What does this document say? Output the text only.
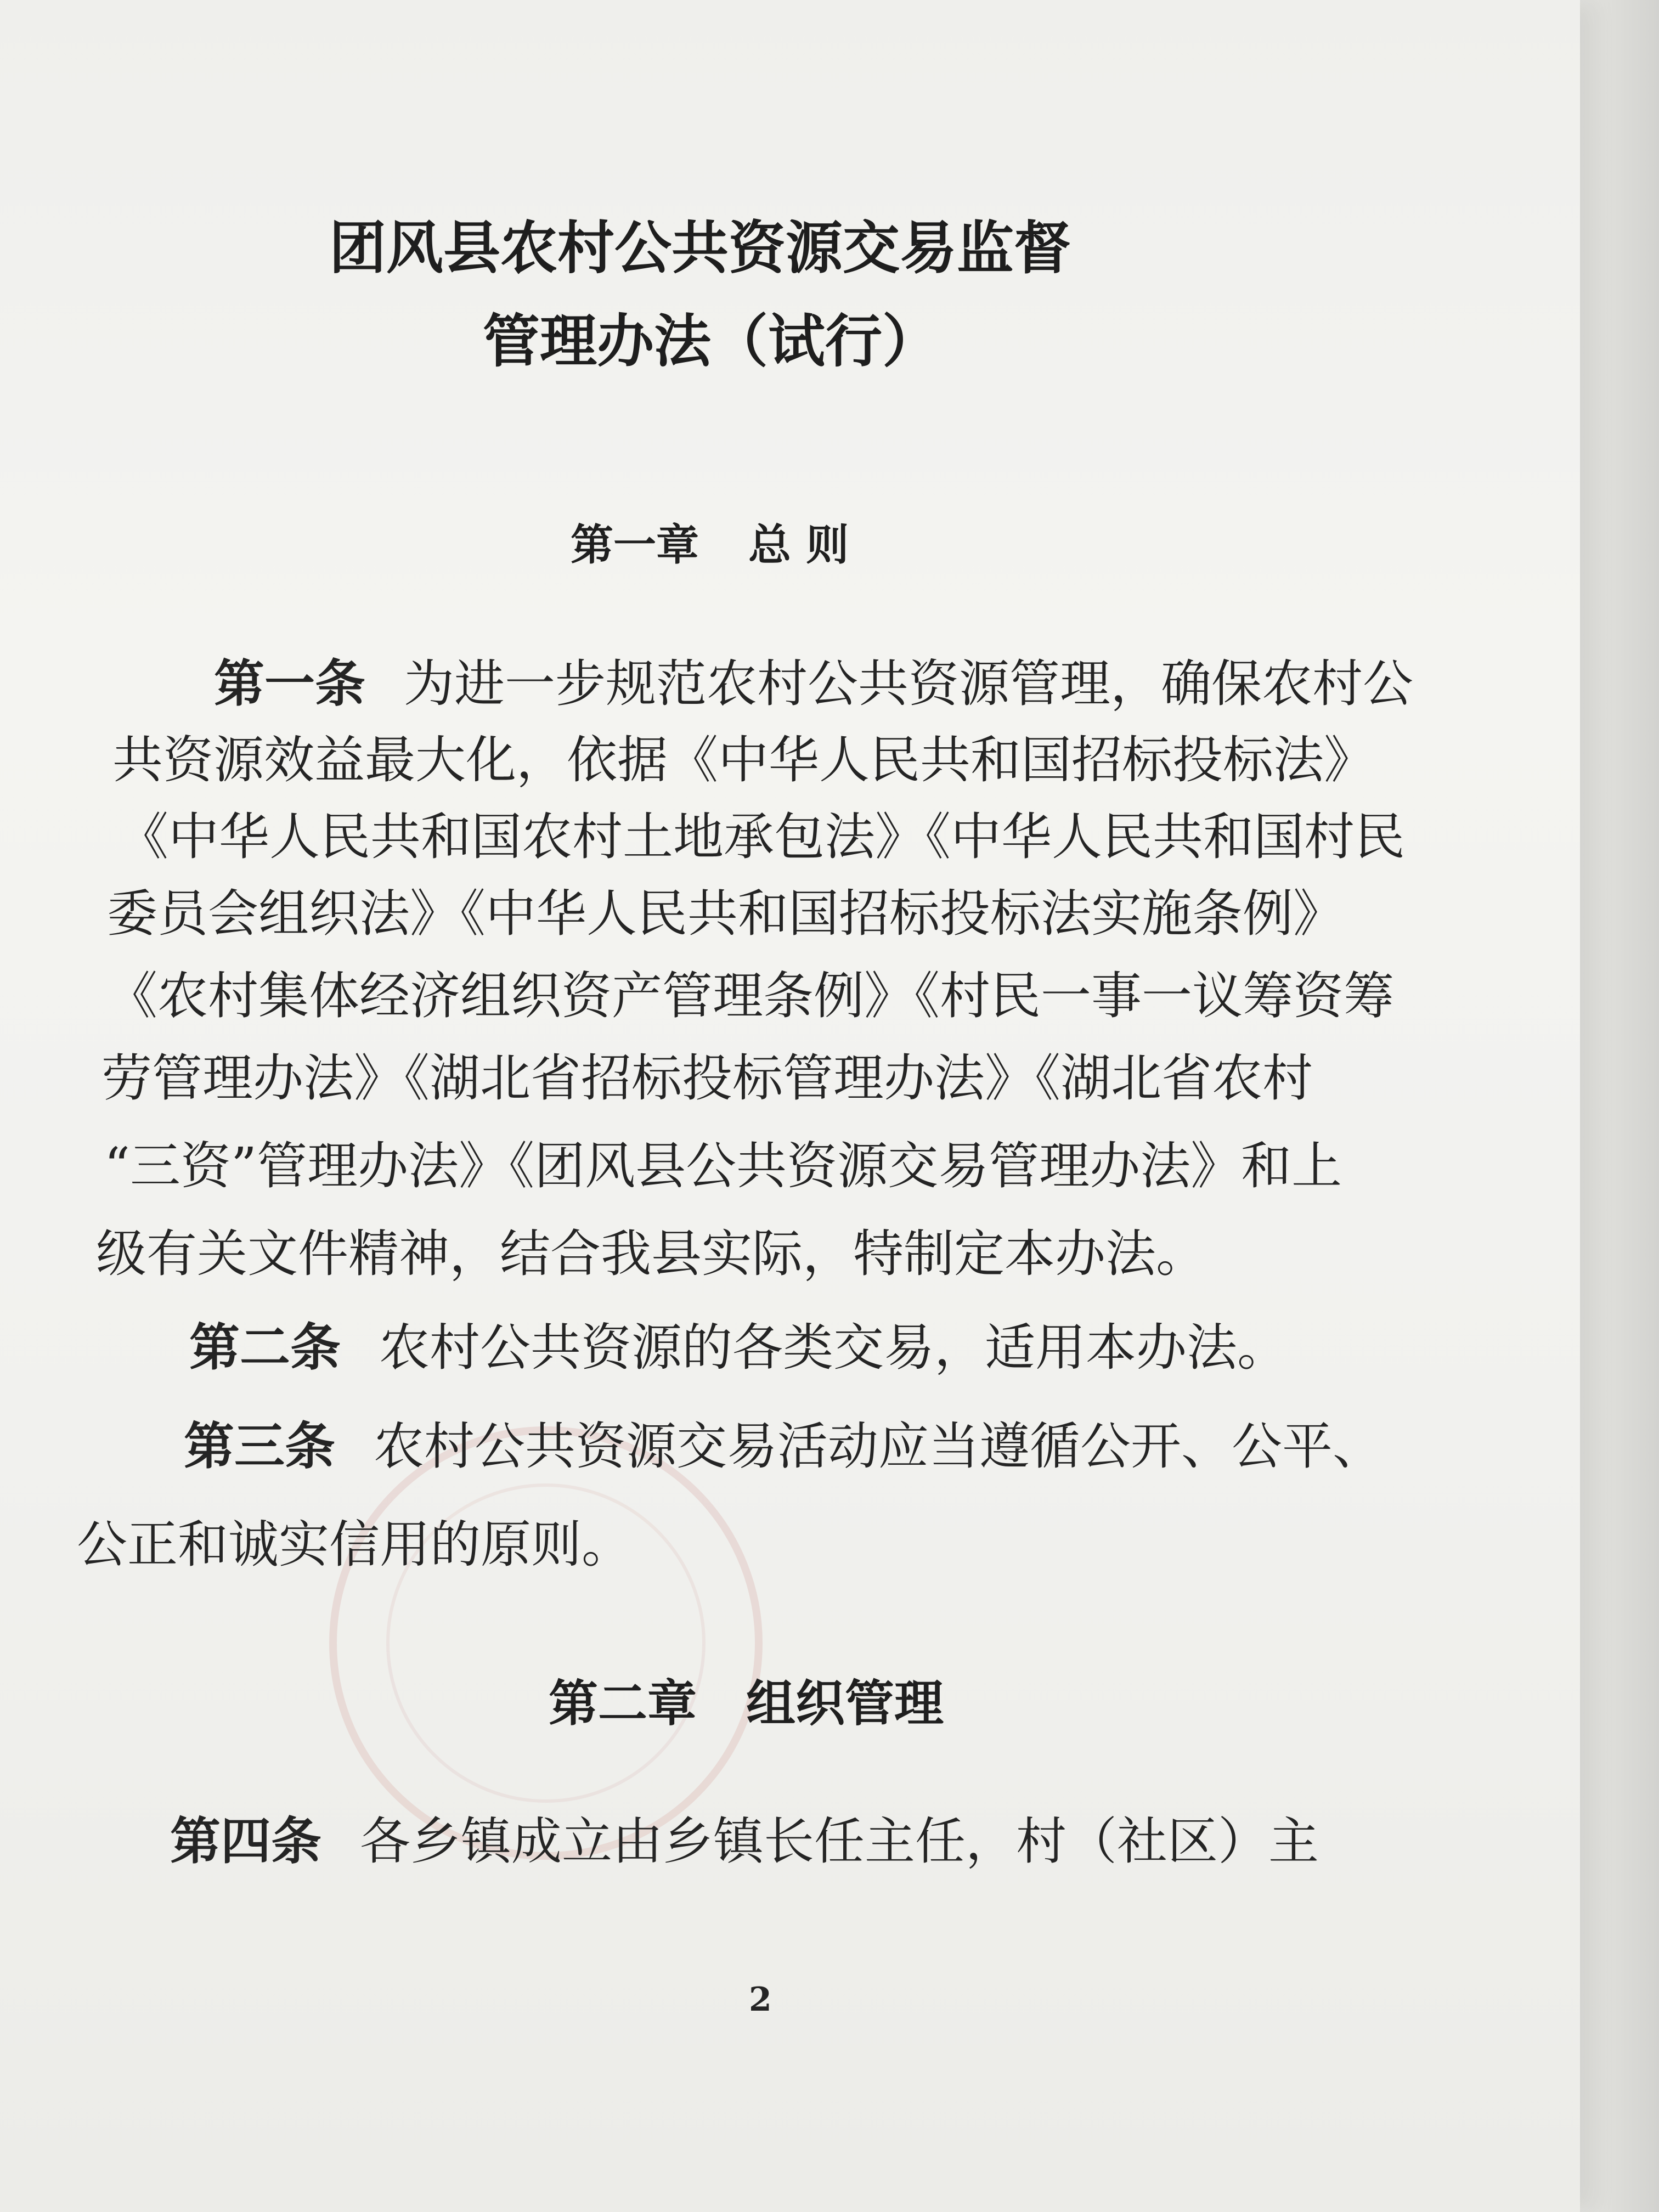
团风县农村公共资源交易监督
管理办法（试行）
第一章 总 则
第一条 为进一步规范农村公共资源管理，确保农村公
共资源效益最大化，依据《中华人民共和国招标投标法》
《中华人民共和国农村土地承包法》《中华人民共和国村民
委员会组织法》《中华人民共和国招标投标法实施条例》
《农村集体经济组织资产管理条例》《村民一事一议筹资筹
劳管理办法》《湖北省招标投标管理办法》《湖北省农村
“三资”管理办法》《团风县公共资源交易管理办法》和上
级有关文件精神，结合我县实际，特制定本办法。
第二条 农村公共资源的各类交易，适用本办法。
第三条 农村公共资源交易活动应当遵循公开、公平、
公正和诚实信用的原则。
第二章 组织管理
第四条 各乡镇成立由乡镇长任主任，村（社区）主
2
